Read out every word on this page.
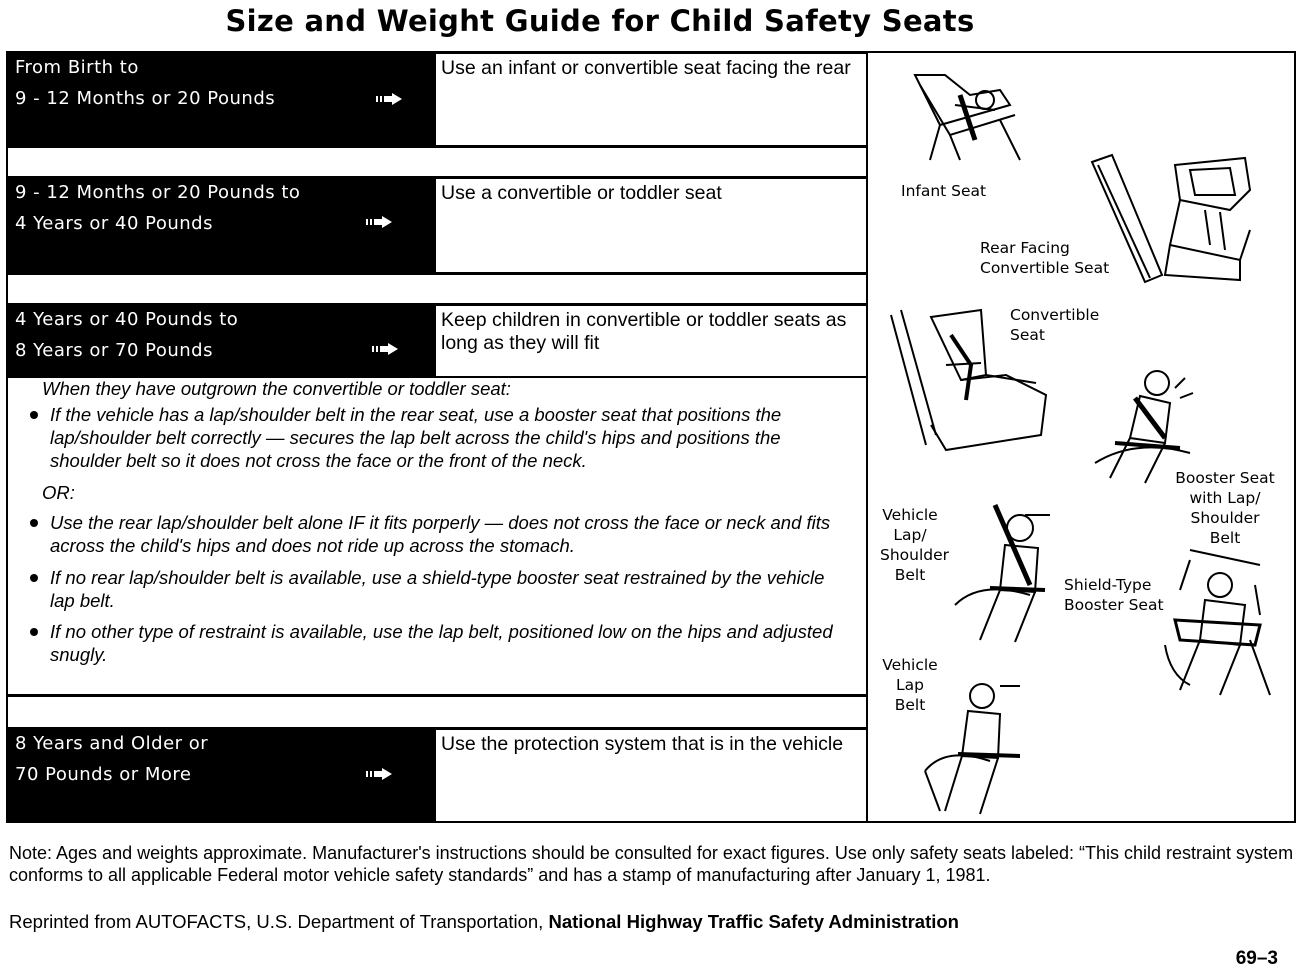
Size and Weight Guide for Child Safety Seats
From Birth to
9 - 12 Months or 20 Pounds
Use an infant or convertible seat facing the rear
9 - 12 Months or 20 Pounds to
4 Years or 40 Pounds
Use a convertible or toddler seat
4 Years or 40 Pounds to
8 Years or 70 Pounds
Keep children in convertible or toddler seats as long as they will fit
When they have outgrown the convertible or toddler seat:
If the vehicle has a lap/shoulder belt in the rear seat, use a booster seat that positions the lap/shoulder belt correctly — secures the lap belt across the child's hips and positions the shoulder belt so it does not cross the face or the front of the neck.
OR:
Use the rear lap/shoulder belt alone IF it fits porperly — does not cross the face or neck and fits across the child's hips and does not ride up across the stomach.
If no rear lap/shoulder belt is available, use a shield-type booster seat restrained by the vehicle lap belt.
If no other type of restraint is available, use the lap belt, positioned low on the hips and adjusted snugly.
8 Years and Older or
70 Pounds or More
Use the protection system that is in the vehicle
Infant Seat
Rear Facing
Convertible Seat
Convertible
Seat
Booster Seat
with Lap/
Shoulder Belt
Vehicle
Lap/
Shoulder
Belt
Shield-Type
Booster Seat
Vehicle
Lap
Belt
Note: Ages and weights approximate. Manufacturer's instructions should be consulted for exact figures. Use only safety seats labeled: “This child restraint system conforms to all applicable Federal motor vehicle safety standards” and has a stamp of manufacturing after January 1, 1981.
Reprinted from AUTOFACTS, U.S. Department of Transportation, National Highway Traffic Safety Administration
69–3
